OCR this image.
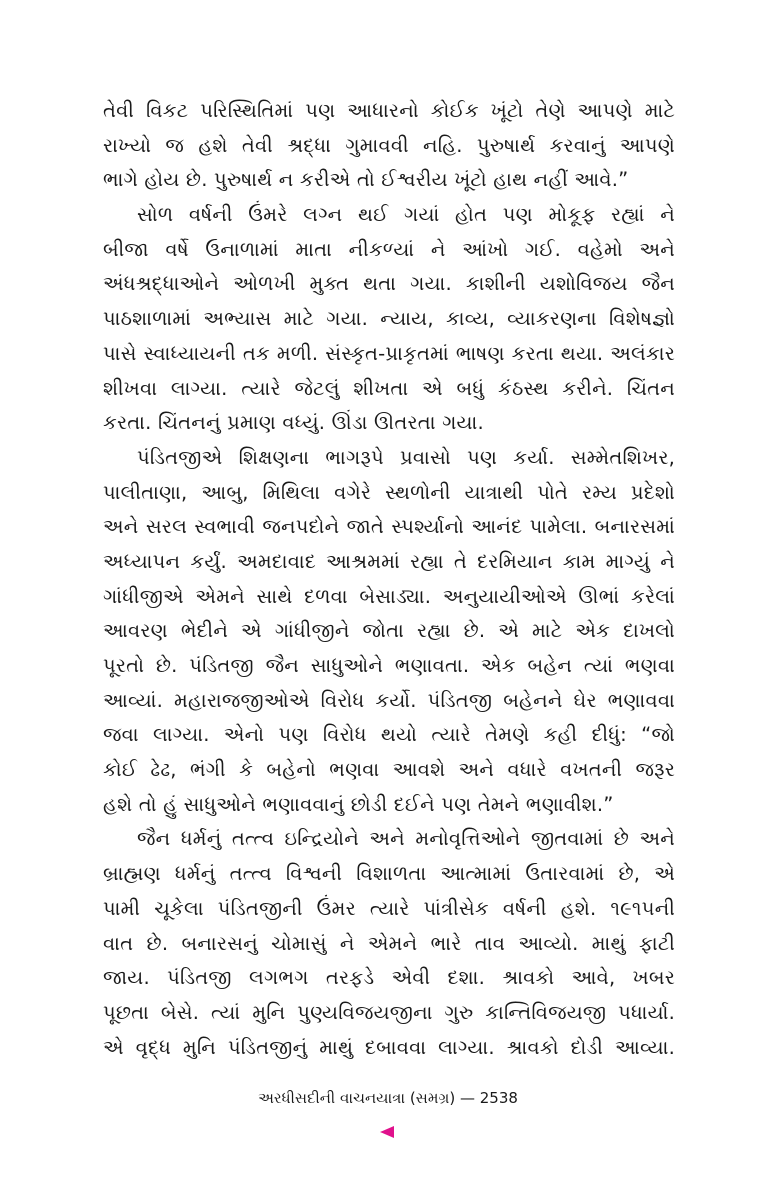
તેવી વિકટ પરિસ્થિતિમાં પણ આધારનો કોઈક ખૂંટો તેણે આપણે માટે
રાખ્યો જ હશે તેવી શ્રદ્ધા ગુમાવવી નહિ. પુરુષાર્થ કરવાનું આપણે
ભાગે હોય છે. પુરુષાર્થ ન કરીએ તો ઈશ્વરીય ખૂંટો હાથ નહીં આવે.”
સોળ વર્ષની ઉંમરે લગ્ન થઈ ગયાં હોત પણ મોકૂફ રહ્યાં ને
બીજા વર્ષે ઉનાળામાં માતા નીકળ્યાં ને આંખો ગઈ. વહેમો અને
અંધશ્રદ્ધાઓને ઓળખી મુક્ત થતા ગયા. કાશીની યશોવિજય જૈન
પાઠશાળામાં અભ્યાસ માટે ગયા. ન્યાય, કાવ્ય, વ્યાકરણના વિશેષજ્ઞો
પાસે સ્વાધ્યાયની તક મળી. સંસ્કૃત-પ્રાકૃતમાં ભાષણ કરતા થયા. અલંકાર
શીખવા લાગ્યા. ત્યારે જેટલું શીખતા એ બધું કંઠસ્થ કરીને. ચિંતન
કરતા. ચિંતનનું પ્રમાણ વધ્યું. ઊંડા ઊતરતા ગયા.
પંડિતજીએ શિક્ષણના ભાગરૂપે પ્રવાસો પણ કર્યા. સમ્મેતશિખર,
પાલીતાણા, આબુ, મિથિલા વગેરે સ્થળોની યાત્રાથી પોતે રમ્ય પ્રદેશો
અને સરલ સ્વભાવી જનપદોને જાતે સ્પર્શ્યાનો આનંદ પામેલા. બનારસમાં
અધ્યાપન કર્યું. અમદાવાદ આશ્રમમાં રહ્યા તે દરમિયાન કામ માગ્યું ને
ગાંધીજીએ એમને સાથે દળવા બેસાડ્યા. અનુયાયીઓએ ઊભાં કરેલાં
આવરણ ભેદીને એ ગાંધીજીને જોતા રહ્યા છે. એ માટે એક દાખલો
પૂરતો છે. પંડિતજી જૈન સાધુઓને ભણાવતા. એક બહેન ત્યાં ભણવા
આવ્યાં. મહારાજજીઓએ વિરોધ કર્યો. પંડિતજી બહેનને ઘેર ભણાવવા
જવા લાગ્યા. એનો પણ વિરોધ થયો ત્યારે તેમણે કહી દીધું: “જો
કોઈ ઢેઢ, ભંગી કે બહેનો ભણવા આવશે અને વધારે વખતની જરૂર
હશે તો હું સાધુઓને ભણાવવાનું છોડી દઈને પણ તેમને ભણાવીશ.”
જૈન ધર્મનું તત્ત્વ ઇન્દ્રિયોને અને મનોવૃત્તિઓને જીતવામાં છે અને
બ્રાહ્મણ ધર્મનું તત્ત્વ વિશ્વની વિશાળતા આત્મામાં ઉતારવામાં છે, એ
પામી ચૂકેલા પંડિતજીની ઉંમર ત્યારે પાંત્રીસેક વર્ષની હશે. ૧૯૧૫ની
વાત છે. બનારસનું ચોમાસું ને એમને ભારે તાવ આવ્યો. માથું ફાટી
જાય. પંડિતજી લગભગ તરફડે એવી દશા. શ્રાવકો આવે, ખબર
પૂછતા બેસે. ત્યાં મુનિ પુણ્યવિજયજીના ગુરુ કાન્તિવિજયજી પધાર્યા.
એ વૃદ્ધ મુનિ પંડિતજીનું માથું દબાવવા લાગ્યા. શ્રાવકો દોડી આવ્યા.
અરધીસદીની વાચનયાત્રા (સમગ્ર) — 2538
